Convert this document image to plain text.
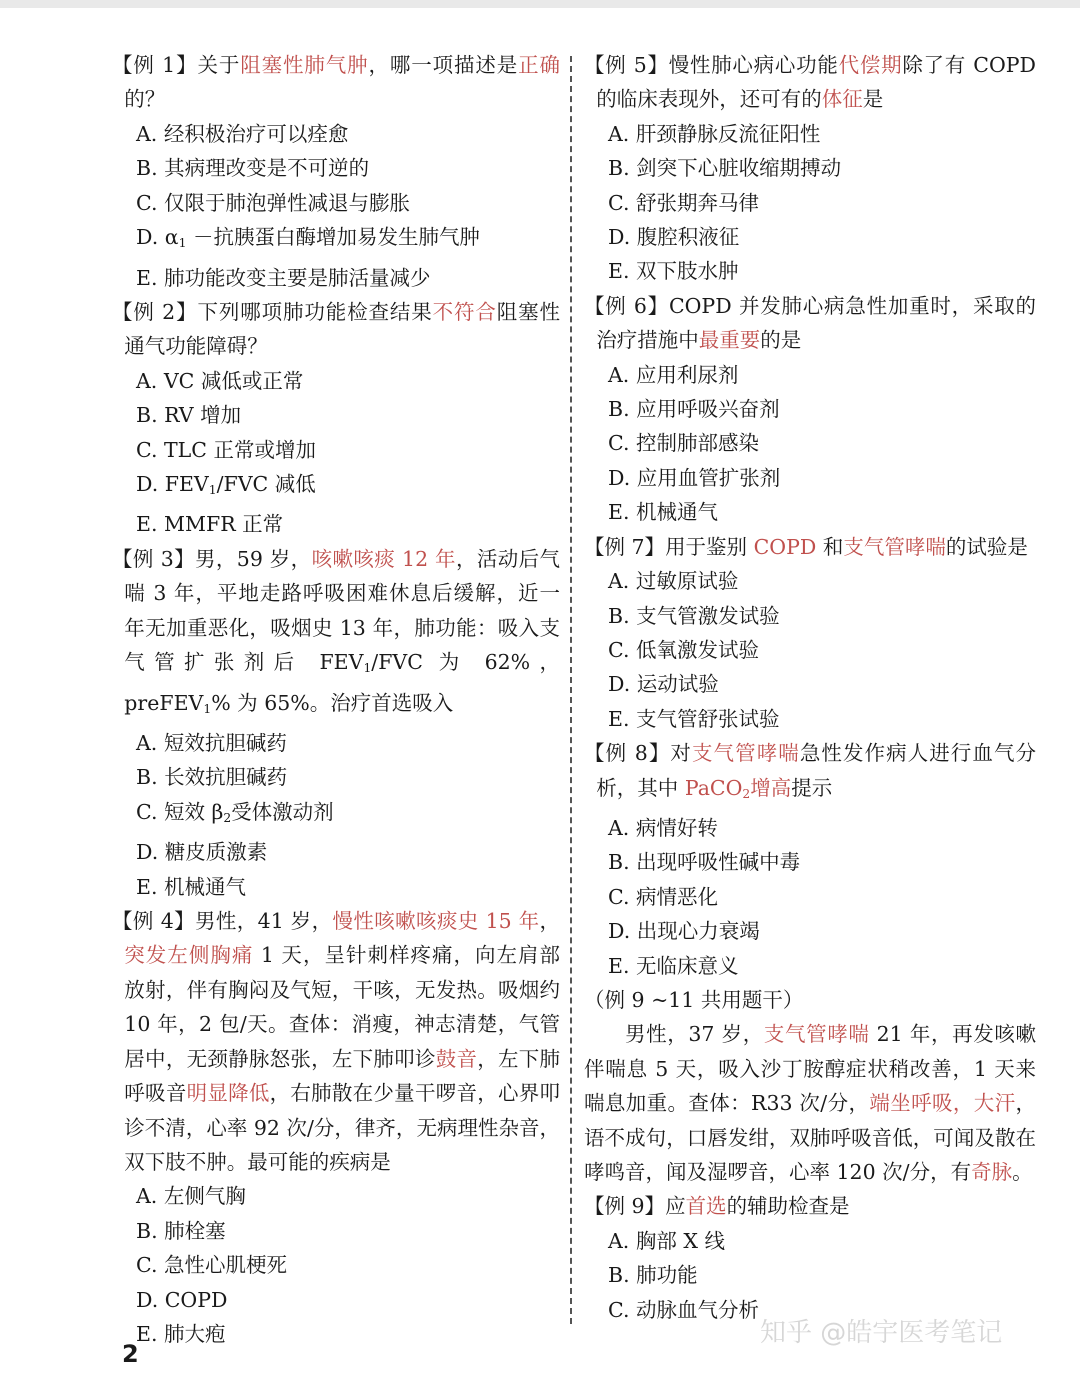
【例 1】关于阻塞性肺气肿，哪一项描述是正确的？
A. 经积极治疗可以痊愈
B. 其病理改变是不可逆的
C. 仅限于肺泡弹性减退与膨胀
D. $\alpha_1$ －抗胰蛋白酶增加易发生肺气肿
E. 肺功能改变主要是肺活量减少
【例 2】下列哪项肺功能检查结果不符合阻塞性通气功能障碍？
A. VC 减低或正常
B. RV 增加
C. TLC 正常或增加
D. $FEV_1$/FVC 减低
E. MMFR 正常
【例 3】男，59 岁，咳嗽咳痰 12 年，活动后气喘 3 年，平地走路呼吸困难休息后缓解，近一年无加重恶化，吸烟史 13 年，肺功能：吸入支气管扩张剂后 $FEV_1$/FVC 为 62%，preFEV$_1$% 为 65%。治疗首选吸入
A. 短效抗胆碱药
B. 长效抗胆碱药
C. 短效 $\beta_2$受体激动剂
D. 糖皮质激素
E. 机械通气
【例 4】男性，41 岁，慢性咳嗽咳痰史 15 年，突发左侧胸痛 1 天，呈针刺样疼痛，向左肩部放射，伴有胸闷及气短，干咳，无发热。吸烟约 10 年，2 包/天。查体：消瘦，神志清楚，气管居中，无颈静脉怒张，左下肺叩诊鼓音，左下肺呼吸音明显降低，右肺散在少量干啰音，心界叩诊不清，心率 92 次/分，律齐，无病理性杂音，双下肢不肿。最可能的疾病是
A. 左侧气胸
B. 肺栓塞
C. 急性心肌梗死
D. COPD
E. 肺大疱
【例 5】慢性肺心病心功能代偿期除了有 COPD 的临床表现外，还可有的体征是
A. 肝颈静脉反流征阳性
B. 剑突下心脏收缩期搏动
C. 舒张期奔马律
D. 腹腔积液征
E. 双下肢水肿
【例 6】COPD 并发肺心病急性加重时，采取的治疗措施中最重要的是
A. 应用利尿剂
B. 应用呼吸兴奋剂
C. 控制肺部感染
D. 应用血管扩张剂
E. 机械通气
【例 7】用于鉴别 COPD 和支气管哮喘的试验是
A. 过敏原试验
B. 支气管激发试验
C. 低氧激发试验
D. 运动试验
E. 支气管舒张试验
【例 8】对支气管哮喘急性发作病人进行血气分析，其中 PaCO$_2$增高提示
A. 病情好转
B. 出现呼吸性碱中毒
C. 病情恶化
D. 出现心力衰竭
E. 无临床意义
（例 9 ~11 共用题干）
男性，37 岁，支气管哮喘 21 年，再发咳嗽伴喘息 5 天，吸入沙丁胺醇症状稍改善，1 天来喘息加重。查体：R33 次/分，端坐呼吸，大汗，语不成句，口唇发绀，双肺呼吸音低，可闻及散在哮鸣音，闻及湿啰音，心率 120 次/分，有奇脉。
【例 9】应首选的辅助检查是
A. 胸部 X 线
B. 肺功能
C. 动脉血气分析
知乎 @皓宇医考笔记
2
